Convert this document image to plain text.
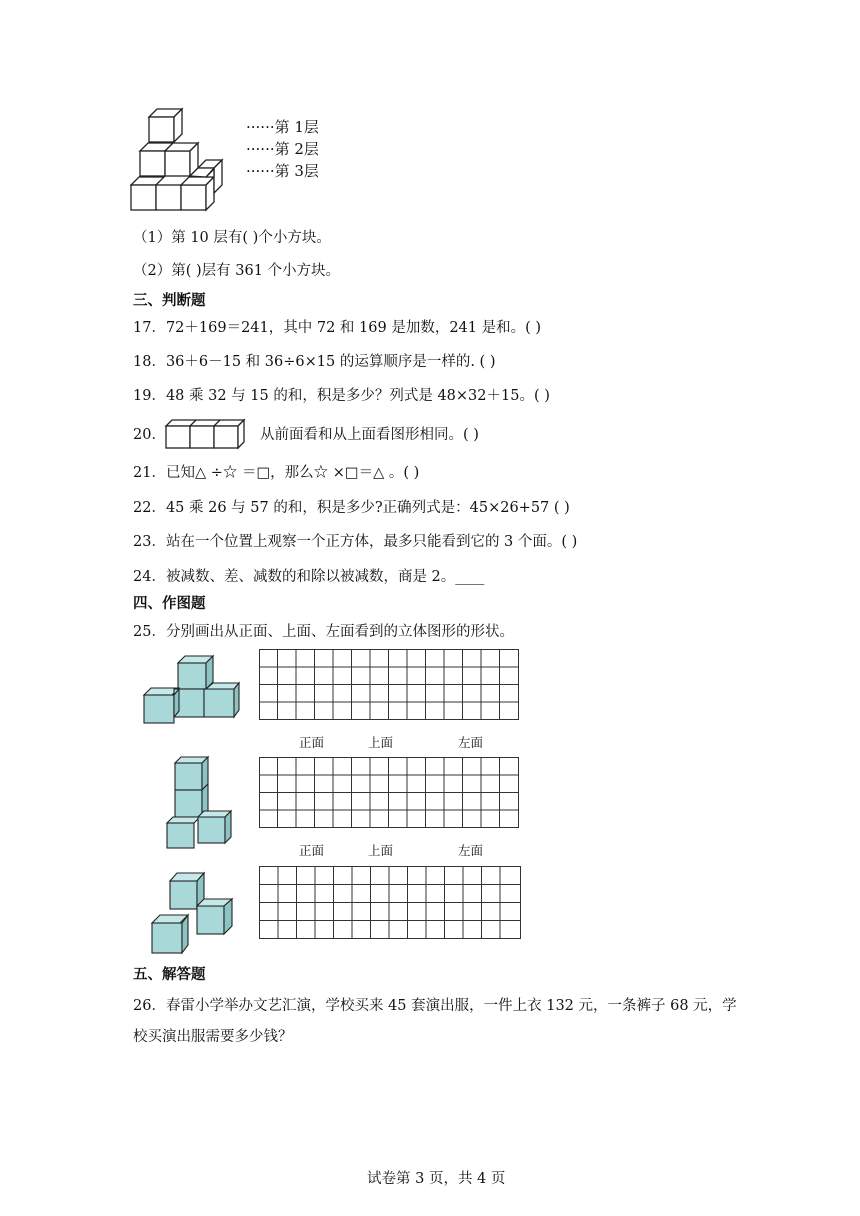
······第 1层
······第 2层
······第 3层
（1）第 10 层有( )个小方块。
（2）第( )层有 361 个小方块。
三、判断题
17．72＋169＝241，其中 72 和 169 是加数，241 是和。( )
18．36＋6－15 和 36÷6×15 的运算顺序是一样的. ( )
19．48 乘 32 与 15 的和，积是多少？列式是 48×32＋15。( )
20．	从前面看和从上面看图形相同。( )
21．已知△ ÷☆ ＝□，那么☆ ×□＝△ 。( )
22．45 乘 26 与 57 的和，积是多少?正确列式是：45×26+57 ( )
23．站在一个位置上观察一个正方体，最多只能看到它的 3 个面。( )
24．被减数、差、减数的和除以被减数，商是 2。____
四、作图题
25．分别画出从正面、上面、左面看到的立体图形的形状。
正面	上面	左面
正面	上面	左面
五、解答题
26．春雷小学举办文艺汇演，学校买来 45 套演出服，一件上衣 132 元，一条裤子 68 元，学
校买演出服需要多少钱？
试卷第 3 页，共 4 页
